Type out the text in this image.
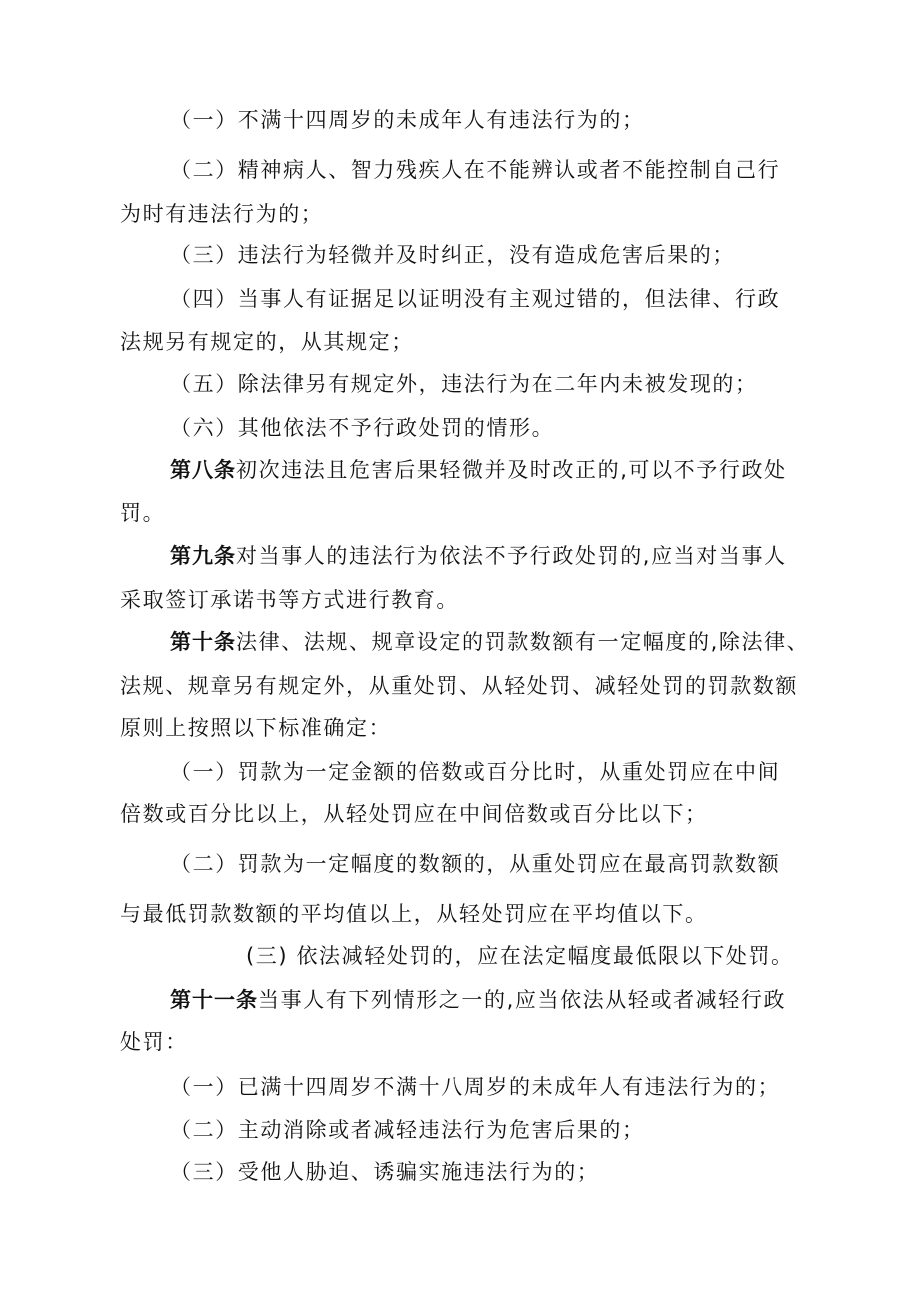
（一）不满十四周岁的未成年人有违法行为的；
（二）精神病人、智力残疾人在不能辨认或者不能控制自己行
为时有违法行为的；
（三）违法行为轻微并及时纠正，没有造成危害后果的；
（四）当事人有证据足以证明没有主观过错的，但法律、行政
法规另有规定的，从其规定；
（五）除法律另有规定外，违法行为在二年内未被发现的；
（六）其他依法不予行政处罚的情形。
第八条初次违法且危害后果轻微并及时改正的,可以不予行政处
罚。
第九条对当事人的违法行为依法不予行政处罚的,应当对当事人
采取签订承诺书等方式进行教育。
第十条法律、法规、规章设定的罚款数额有一定幅度的,除法律、
法规、规章另有规定外，从重处罚、从轻处罚、减轻处罚的罚款数额
原则上按照以下标准确定：
（一）罚款为一定金额的倍数或百分比时，从重处罚应在中间
倍数或百分比以上，从轻处罚应在中间倍数或百分比以下；
（二）罚款为一定幅度的数额的，从重处罚应在最高罚款数额
与最低罚款数额的平均值以上，从轻处罚应在平均值以下。
(三) 依法减轻处罚的，应在法定幅度最低限以下处罚。
第十一条当事人有下列情形之一的,应当依法从轻或者减轻行政
处罚：
（一）已满十四周岁不满十八周岁的未成年人有违法行为的；
（二）主动消除或者减轻违法行为危害后果的；
（三）受他人胁迫、诱骗实施违法行为的；
